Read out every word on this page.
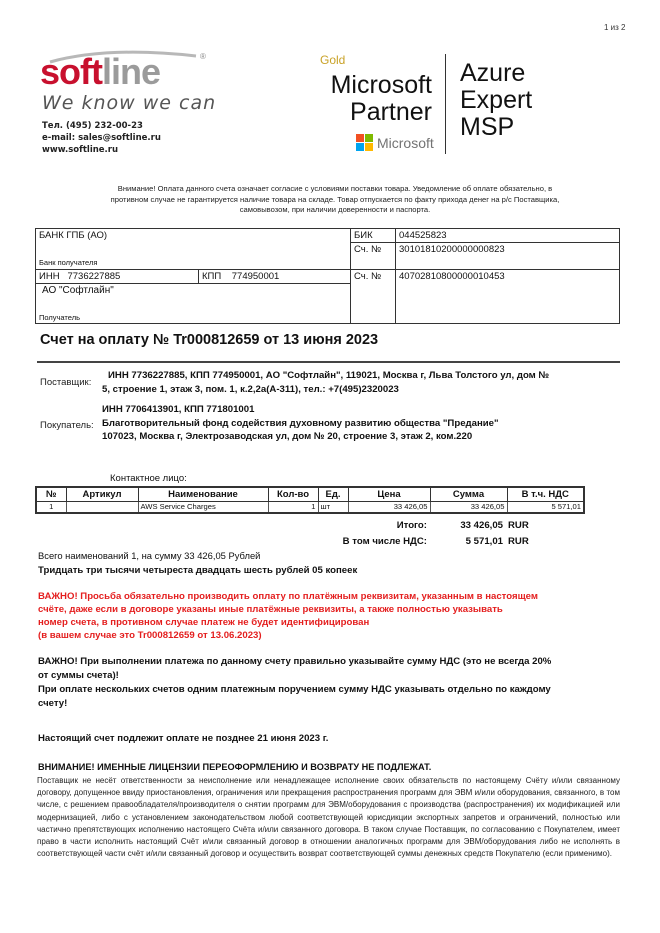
1 из 2
softline	®
We know we can
Тел. (495) 232-00-23
e-mail: sales@softline.ru
www.softline.ru
Gold
Microsoft
Partner
Microsoft
Azure
Expert
MSP
Внимание! Оплата данного счета означает согласие с условиями поставки товара. Уведомление об оплате обязательно, в противном случае не гарантируется наличие товара на складе. Товар отпускается по факту прихода денег на р/с Поставщика, самовывозом, при наличии доверенности и паспорта.
БАНК ГПБ (АО)		БИК	044525823
		Сч. №	30101810200000000823
Банк получателя			
ИНН 7736227885	КПП 774950001	Сч. №	40702810800000010453

АО "Софтлайн"
Получатель			
Счет на оплату № Tr000812659 от 13 июня 2023
Поставщик:
ИНН 7736227885, КПП 774950001, АО "Софтлайн", 119021, Москва г, Льва Толстого ул, дом №
5, строение 1, этаж 3, пом. 1, к.2,2а(А-311), тел.: +7(495)2320023
Покупатель:
ИНН 7706413901, КПП 771801001
Благотворительный фонд содействия духовному развитию общества "Предание"
107023, Москва г, Электрозаводская ул, дом № 20, строение 3, этаж 2, ком.220
Контактное лицо:
№	Артикул	Наименование	Кол-во	Ед.	Цена	Сумма	В т.ч. НДС
1		AWS Service Charges	1	шт	33 426,05	33 426,05	5 571,01
Итого:	33 426,05 RUR
В том числе НДС:	5 571,01 RUR
Всего наименований 1, на сумму 33 426,05 Рублей
Тридцать три тысячи четыреста двадцать шесть рублей 05 копеек
ВАЖНО! Просьба обязательно производить оплату по платёжным реквизитам, указанным в настоящем
счёте, даже если в договоре указаны иные платёжные реквизиты, а также полностью указывать
номер счета, в противном случае платеж не будет идентифицирован
(в вашем случае это Tr000812659 от 13.06.2023)
ВАЖНО! При выполнении платежа по данному счету правильно указывайте сумму НДС (это не всегда 20%
от суммы счета)!
При оплате нескольких счетов одним платежным поручением сумму НДС указывать отдельно по каждому
счету!
Настоящий счет подлежит оплате не позднее 21 июня 2023 г.
ВНИМАНИЕ! ИМЕННЫЕ ЛИЦЕНЗИИ ПЕРЕОФОРМЛЕНИЮ И ВОЗВРАТУ НЕ ПОДЛЕЖАТ.
Поставщик не несёт ответственности за неисполнение или ненадлежащее исполнение своих обязательств по настоящему Счёту и/или связанному договору, допущенное ввиду приостановления, ограничения или прекращения распространения программ для ЭВМ и/или оборудования, связанного, в том числе, с решением правообладателя/производителя о снятии программ для ЭВМ/оборудования с производства (распространения) их модификацией или модернизацией, либо с установлением законодательством любой соответствующей юрисдикции экспортных запретов и ограничений, полностью или частично препятствующих исполнению настоящего Счёта и/или связанного договора. В таком случае Поставщик, по согласованию с Покупателем, имеет право в части исполнить настоящий Счёт и/или связанный договор в отношении аналогичных программ для ЭВМ/оборудования либо не исполнять в соответствующей части счёт и/или связанный договор и осуществить возврат соответствующей суммы денежных средств Покупателю (если применимо).
